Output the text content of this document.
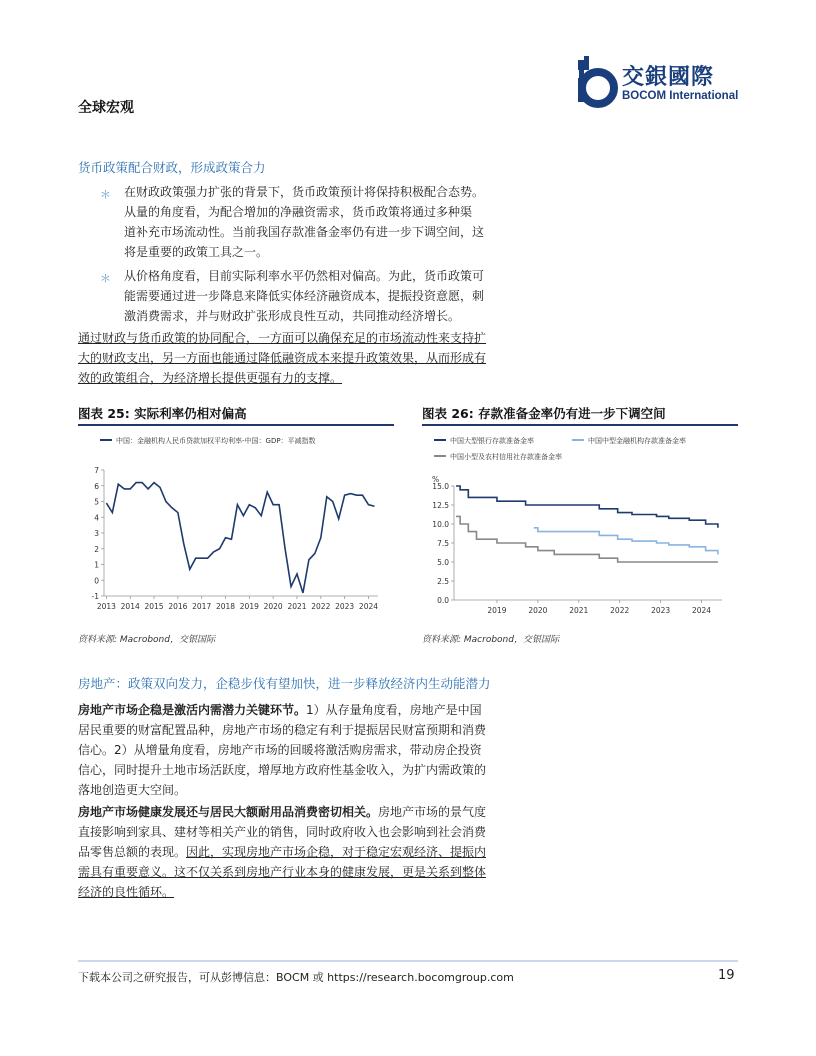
全球宏观
交銀國際
BOCOM International
货币政策配合财政，形成政策合力
＊ 在财政政策强力扩张的背景下，货币政策预计将保持积极配合态势。
从量的角度看，为配合增加的净融资需求，货币政策将通过多种渠
道补充市场流动性。当前我国存款准备金率仍有进一步下调空间，这
将是重要的政策工具之一。
＊ 从价格角度看，目前实际利率水平仍然相对偏高。为此，货币政策可
能需要通过进一步降息来降低实体经济融资成本，提振投资意愿，刺
激消费需求，并与财政扩张形成良性互动，共同推动经济增长。
通过财政与货币政策的协同配合，一方面可以确保充足的市场流动性来支持扩
大的财政支出，另一方面也能通过降低融资成本来提升政策效果，从而形成有
效的政策组合，为经济增长提供更强有力的支撑。
图表 25: 实际利率仍相对偏高
中国：金融机构人民币贷款加权平均利率-中国：GDP：平减指数
-1
0
1
2
3
4
5
6
7
2013 2014 2015 2016 2017 2018 2019 2020 2021 2022 2023 2024
资料来源: Macrobond，交银国际
图表 26: 存款准备金率仍有进一步下调空间
中国大型银行存款准备金率	中国中型金融机构存款准备金率
中国小型及农村信用社存款准备金率
%
0.0
2.5
5.0
7.5
10.0
12.5
15.0
2019	2020	2021	2022	2023	2024
资料来源: Macrobond，交银国际
房地产：政策双向发力，企稳步伐有望加快，进一步释放经济内生动能潜力
房地产市场企稳是激活内需潜力关键环节。1）从存量角度看，房地产是中国
居民重要的财富配置品种，房地产市场的稳定有利于提振居民财富预期和消费
信心。2）从增量角度看，房地产市场的回暖将激活购房需求，带动房企投资
信心，同时提升土地市场活跃度，增厚地方政府性基金收入，为扩内需政策的
落地创造更大空间。
房地产市场健康发展还与居民大额耐用品消费密切相关。房地产市场的景气度
直接影响到家具、建材等相关产业的销售，同时政府收入也会影响到社会消费
品零售总额的表现。因此，实现房地产市场企稳，对于稳定宏观经济、提振内
需具有重要意义。这不仅关系到房地产行业本身的健康发展，更是关系到整体
经济的良性循环。
下载本公司之研究报告，可从彭博信息：BOCM 或 https://research.bocomgroup.com	19
